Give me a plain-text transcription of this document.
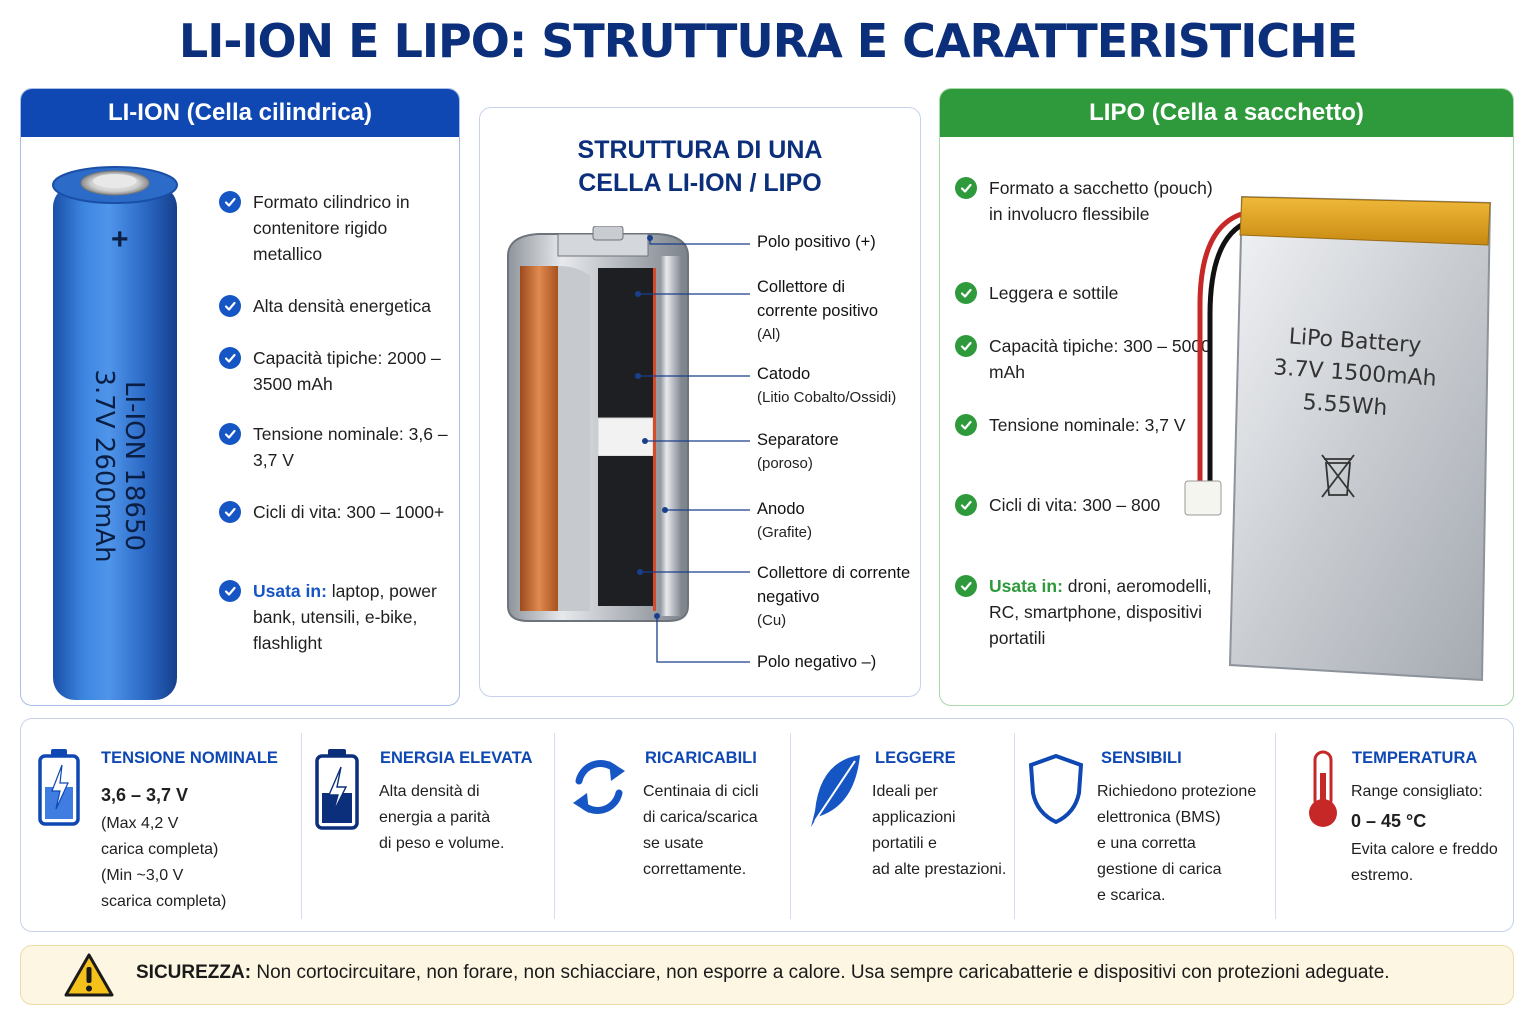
LI-ION E LIPO: STRUTTURA E CARATTERISTICHE
LI-ION (Cella cilindrica)
+
LI-ION 18650
3.7V 2600mAh
Formato cilindrico in contenitore rigido metallico
Alta densità energetica
Capacità tipiche: 2000 – 3500 mAh
Tensione nominale: 3,6 – 3,7 V
Cicli di vita: 300 – 1000+
Usata in: laptop, power bank, utensili, e-bike, flashlight
STRUTTURA DI UNA CELLA LI-ION / LIPO
Polo positivo (+)
Collettore di corrente positivo
(Al)
Catodo
(Litio Cobalto/Ossidi)
Separatore
(poroso)
Anodo
(Grafite)
Collettore di corrente negativo
(Cu)
Polo negativo –)
LIPO (Cella a sacchetto)
Formato a sacchetto (pouch) in involucro flessibile
Leggera e sottile
Capacità tipiche: 300 – 5000 mAh
Tensione nominale: 3,7 V
Cicli di vita: 300 – 800
Usata in: droni, aeromodelli, RC, smartphone, dispositivi portatili
LiPo Battery
3.7V 1500mAh
5.55Wh
TENSIONE NOMINALE
3,6 – 3,7 V
(Max 4,2 V
carica completa)
(Min ~3,0 V
scarica completa)
ENERGIA ELEVATA
Alta densità di
energia a parità
di peso e volume.
RICARICABILI
Centinaia di cicli
di carica/scarica
se usate
correttamente.
LEGGERE
Ideali per
applicazioni
portatili e
ad alte prestazioni.
SENSIBILI
Richiedono protezione
elettronica (BMS)
e una corretta
gestione di carica
e scarica.
TEMPERATURA
Range consigliato:
0 – 45 °C
Evita calore e freddo
estremo.
SICUREZZA: Non cortocircuitare, non forare, non schiacciare, non esporre a calore. Usa sempre caricabatterie e dispositivi con protezioni adeguate.
